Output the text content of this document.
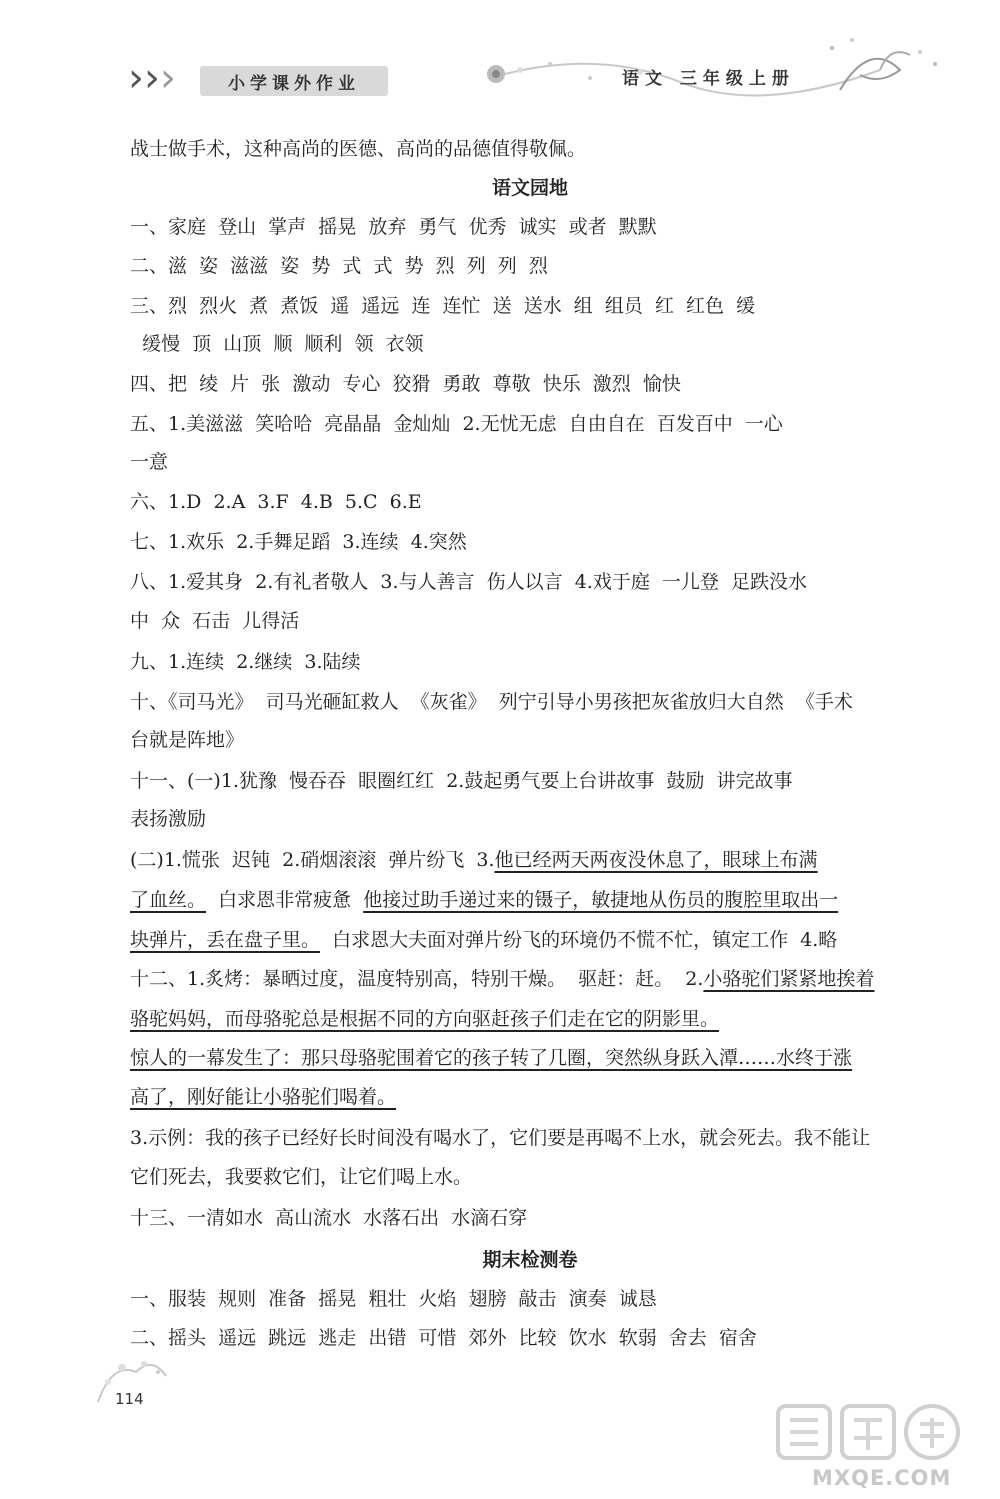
›› ›	小学课外作业	语文 三年级上册
战士做手术，这种高尚的医德、高尚的品德值得敬佩。
语文园地
一、家庭  登山  掌声  摇晃  放弃  勇气  优秀  诚实  或者  默默
二、滋  姿  滋滋  姿  势  式  式  势  烈  列  列  烈
三、烈  烈火  煮  煮饭  遥  遥远  连  连忙  送  送水  组  组员  红  红色  缓
缓慢  顶  山顶  顺  顺利  领  衣领
四、把  绫  片  张  激动  专心  狡猾  勇敢  尊敬  快乐  激烈  愉快
五、1.美滋滋  笑哈哈  亮晶晶  金灿灿  2.无忧无虑  自由自在  百发百中  一心
一意
六、1.D  2.A  3.F  4.B  5.C  6.E
七、1.欢乐  2.手舞足蹈  3.连续  4.突然
八、1.爱其身  2.有礼者敬人  3.与人善言  伤人以言  4.戏于庭  一儿登  足跌没水
中  众  石击  儿得活
九、1.连续  2.继续  3.陆续
十、《司马光》  司马光砸缸救人  《灰雀》  列宁引导小男孩把灰雀放归大自然  《手术
台就是阵地》
十一、(一)1.犹豫  慢吞吞  眼圈红红  2.鼓起勇气要上台讲故事  鼓励  讲完故事
表扬激励
(二)1.慌张  迟钝  2.硝烟滚滚  弹片纷飞  3.他已经两天两夜没休息了，眼球上布满
了血丝。  白求恩非常疲惫  他接过助手递过来的镊子，敏捷地从伤员的腹腔里取出一
块弹片，丢在盘子里。  白求恩大夫面对弹片纷飞的环境仍不慌不忙，镇定工作  4.略
十二、1.炙烤：暴晒过度，温度特别高，特别干燥。  驱赶：赶。  2.小骆驼们紧紧地挨着
骆驼妈妈，而母骆驼总是根据不同的方向驱赶孩子们走在它的阴影里。
惊人的一幕发生了：那只母骆驼围着它的孩子转了几圈，突然纵身跃入潭……水终于涨
高了，刚好能让小骆驼们喝着。
3.示例：我的孩子已经好长时间没有喝水了，它们要是再喝不上水，就会死去。我不能让
它们死去，我要救它们，让它们喝上水。
十三、一清如水  高山流水  水落石出  水滴石穿
期末检测卷
一、服装  规则  准备  摇晃  粗壮  火焰  翅膀  敲击  演奏  诚恳
二、摇头  遥远  跳远  逃走  出错  可惜  郊外  比较  饮水  软弱  舍去  宿舍
114
MXQE.COM
